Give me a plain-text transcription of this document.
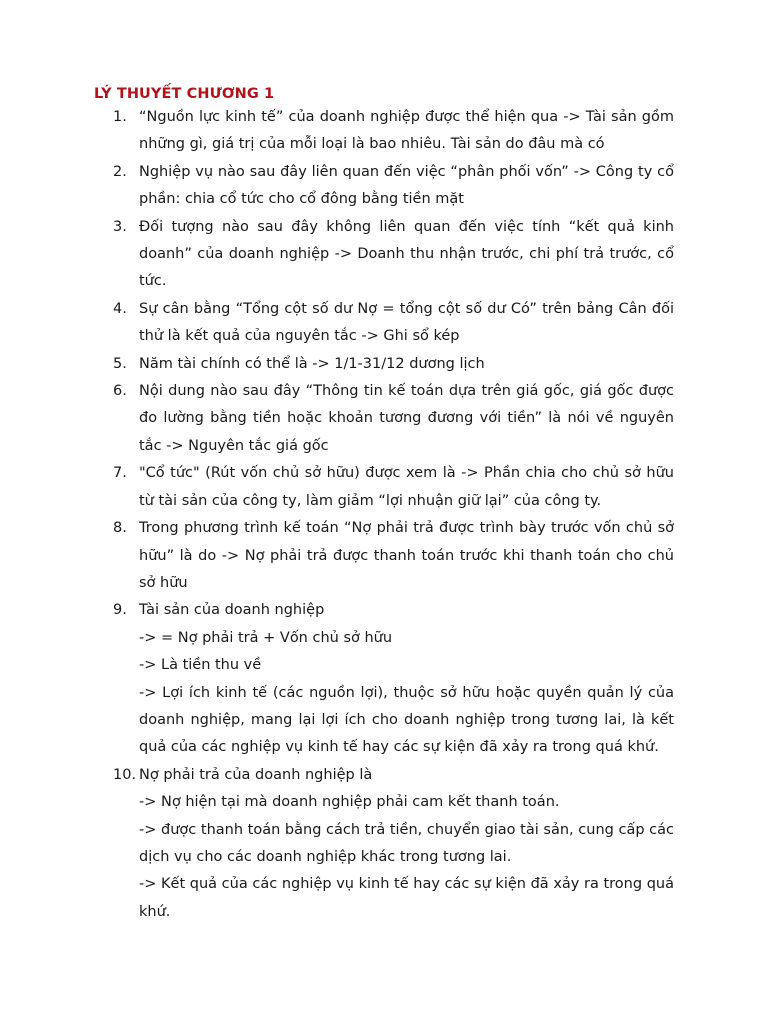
LÝ THUYẾT CHƯƠNG 1
1. “Nguồn lực kinh tế” của doanh nghiệp được thể hiện qua -> Tài sản gồm những gì, giá trị của mỗi loại là bao nhiêu. Tài sản do đâu mà có
2. Nghiệp vụ nào sau đây liên quan đến việc “phân phối vốn” -> Công ty cổ phần: chia cổ tức cho cổ đông bằng tiền mặt
3. Đối tượng nào sau đây không liên quan đến việc tính “kết quả kinh doanh” của doanh nghiệp -> Doanh thu nhận trước, chi phí trả trước, cổ tức.
4. Sự cân bằng “Tổng cột số dư Nợ = tổng cột số dư Có” trên bảng Cân đối thử là kết quả của nguyên tắc -> Ghi sổ kép
5. Năm tài chính có thể là -> 1/1-31/12 dương lịch
6. Nội dung nào sau đây “Thông tin kế toán dựa trên giá gốc, giá gốc được đo lường bằng tiền hoặc khoản tương đương với tiền” là nói về nguyên tắc -> Nguyên tắc giá gốc
7. "Cổ tức" (Rút vốn chủ sở hữu) được xem là -> Phần chia cho chủ sở hữu từ tài sản của công ty, làm giảm “lợi nhuận giữ lại” của công ty.
8. Trong phương trình kế toán “Nợ phải trả được trình bày trước vốn chủ sở hữu” là do -> Nợ phải trả được thanh toán trước khi thanh toán cho chủ sở hữu
9. Tài sản của doanh nghiệp
-> = Nợ phải trả + Vốn chủ sở hữu
-> Là tiền thu về
-> Lợi ích kinh tế (các nguồn lợi), thuộc sở hữu hoặc quyền quản lý của doanh nghiệp, mang lại lợi ích cho doanh nghiệp trong tương lai, là kết quả của các nghiệp vụ kinh tế hay các sự kiện đã xảy ra trong quá khứ.
10. Nợ phải trả của doanh nghiệp là
-> Nợ hiện tại mà doanh nghiệp phải cam kết thanh toán.
-> được thanh toán bằng cách trả tiền, chuyển giao tài sản, cung cấp các dịch vụ cho các doanh nghiệp khác trong tương lai.
-> Kết quả của các nghiệp vụ kinh tế hay các sự kiện đã xảy ra trong quá khứ.
